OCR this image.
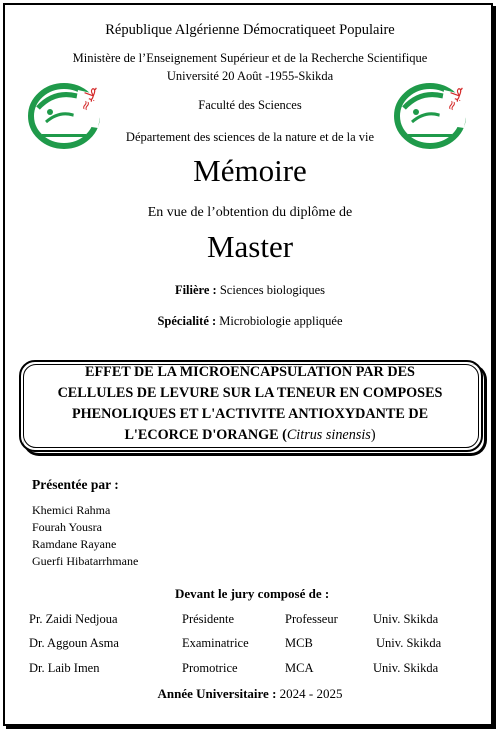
République Algérienne Démocratiqueet Populaire
Ministère de l’Enseignement Supérieur et de la Recherche Scientifique
Université 20 Août -1955-Skikda
Faculté des Sciences
Département des sciences de la nature et de la vie
≈ﻄﺒ
≈ﻄﺒ
Mémoire
En vue de l’obtention du diplôme de
Master
Filière : Sciences biologiques
Spécialité : Microbiologie appliquée
EFFET DE LA MICROENCAPSULATION PAR DES
CELLULES DE LEVURE SUR LA TENEUR EN COMPOSES
PHENOLIQUES ET L'ACTIVITE ANTIOXYDANTE DE
L'ECORCE D'ORANGE (Citrus sinensis)
Présentée par :
Khemici Rahma
Fourah Yousra
Ramdane Rayane
Guerfi Hibatarrhmane
Devant le jury composé de :
Pr. Zaidi Nedjoua	Présidente	Professeur	Univ. Skikda
Dr. Aggoun Asma	Examinatrice	MCB	Univ. Skikda
Dr. Laib Imen	Promotrice	MCA	Univ. Skikda
Année Universitaire : 2024 - 2025
